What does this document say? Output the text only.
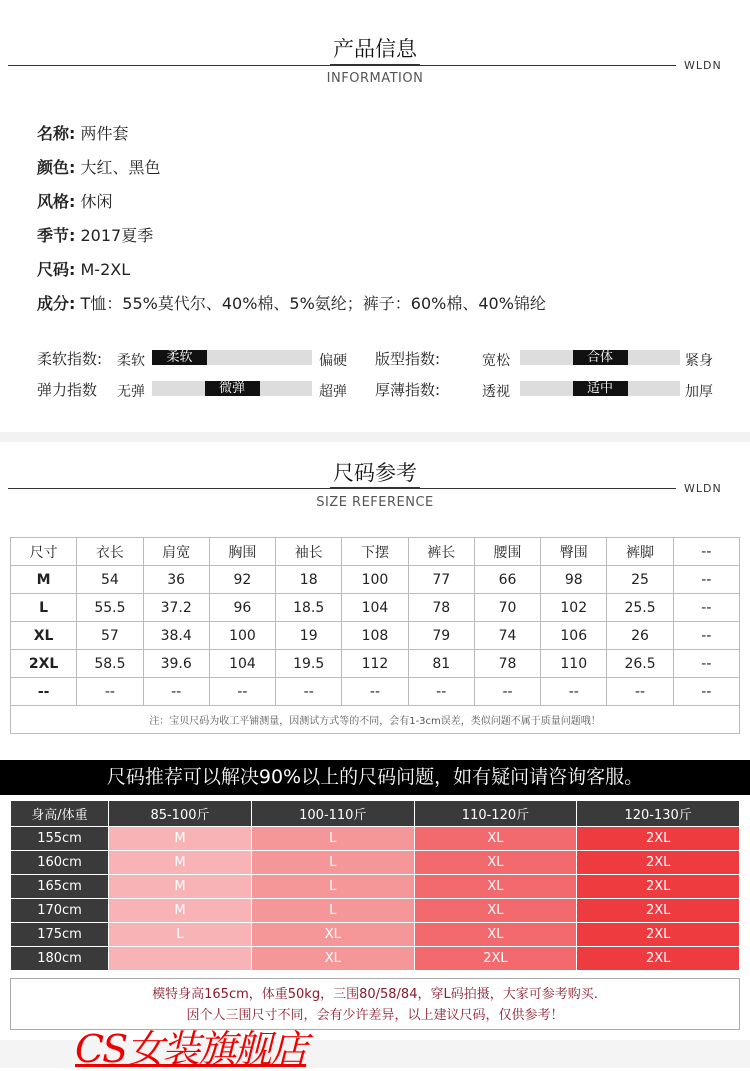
产品信息
WLDN
INFORMATION
名称: 两件套
颜色: 大红、黑色
风格: 休闲
季节: 2017夏季
尺码: M-2XL
成分: T恤：55%莫代尔、40%棉、5%氨纶；裤子：60%棉、40%锦纶
柔软指数: 柔软	柔软	偏硬 版型指数:	宽松	合体	紧身
弹力指数 无弹	微弹	超弹 厚薄指数:	透视	适中	加厚
尺码参考
WLDN
SIZE REFERENCE
尺寸	衣长	肩宽	胸围	袖长	下摆	裤长	腰围	臀围	裤脚	--
M	54	36	92	18	100	77	66	98	25	--
L	55.5	37.2	96	18.5	104	78	70	102	25.5	--
XL	57	38.4	100	19	108	79	74	106	26	--
2XL	58.5	39.6	104	19.5	112	81	78	110	26.5	--
--	--	--	--	--	--	--	--	--	--	--
注：宝贝尺码为收工平铺测量，因测试方式等的不同，会有1-3cm误差，类似问题不属于质量问题哦！										
尺码推荐可以解决90%以上的尺码问题，如有疑问请咨询客服。
身高/体重	85-100斤	100-110斤	110-120斤	120-130斤
155cm	M	L	XL	2XL
160cm	M	L	XL	2XL
165cm	M	L	XL	2XL
170cm	M	L	XL	2XL
175cm	L	XL	XL	2XL
180cm		XL	2XL	2XL
模特身高165cm，体重50kg，三围80/58/84，穿L码拍摄，大家可参考购买.
因个人三围尺寸不同，会有少许差异，以上建议尺码，仅供参考！
CS女装旗舰店
